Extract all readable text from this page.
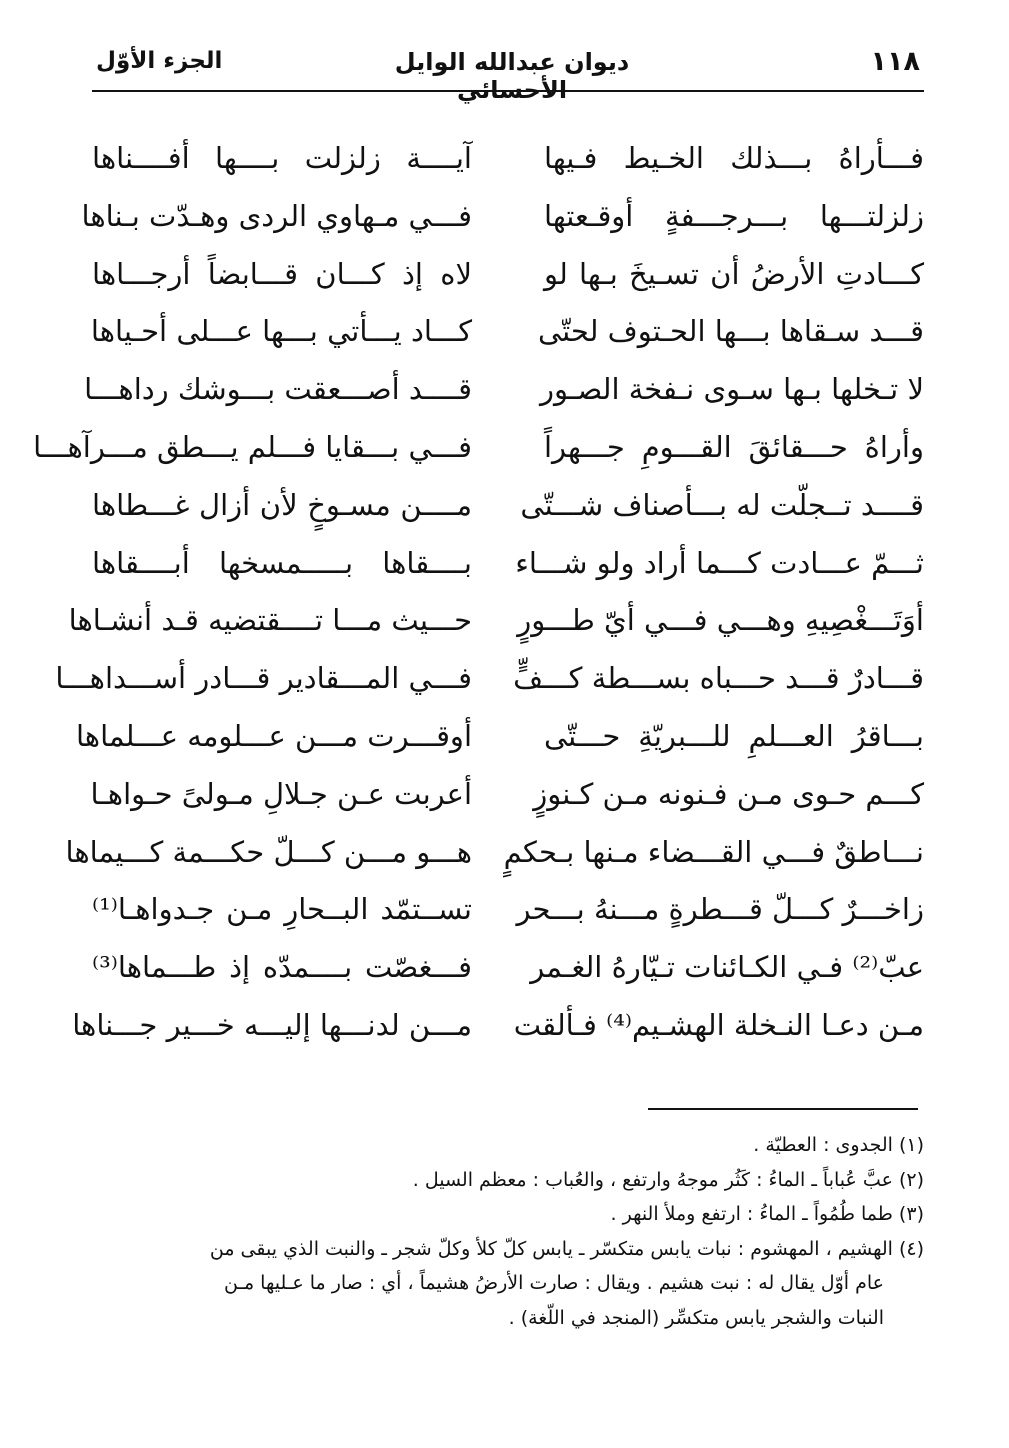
١١٨
ديوان عبدالله الوايل الأحسائي
الجزء الأوّل
فـــأراهُ بـــذلك الخـيط فـيها
آيــــة زلزلت بــــها أفــــناها
زلزلتـــها بـــرجـــفةٍ أوقـعتها
فـــي مـهاوي الردى وهـدّت بـناها
كـــادتِ الأرضُ أن تسـيخَ بـها لو
لاه إذ كـــان قـــابضاً أرجـــاها
قـــد سـقاها بـــها الحـتوف لحتّى
كـــاد يـــأتي بـــها عـــلى أحـياها
لا تـخلها بـها سـوى نـفخة الصـور
قــــد أصـــعقت بـــوشك رداهـــا
وأراهُ حـــقائقَ القـــومِ جـــهراً
فـــي بـــقايا فـــلم يـــطق مـــرآهـــا
قــــد تــجلّت له بـــأصناف شـــتّى
مــــن مسـوخٍ لأن أزال غـــطاها
ثـــمّ عـــادت كـــما أراد ولو شـــاء
بــــقاها بـــــمسخها أبــــقاها
أوَتَـــغْصِيهِ وهـــي فـــي أيّ طـــورٍ
حـــيث مـــا تــــقتضيه قـد أنشـاها
قـــادرٌ قـــد حـــباه بســـطة كـــفٍّ
فـــي المـــقادير قـــادر أســـداهـــا
بـــاقرُ العـــلمِ للـــبريّةِ حـــتّى
أوقـــرت مـــن عـــلومه عـــلماها
كـــم حـوى مـن فـنونه مـن كـنوزٍ
أعربت عـن جـلالِ مـولىً حـواهـا
نـــاطقٌ فـــي القـــضاء مـنها بـحكمٍ
هـــو مـــن كـــلّ حكـــمة كـــيماها
زاخـــرٌ كـــلّ قـــطرةٍ مـــنهُ بـــحر
تســتمّد البــحارِ مـن جـدواهـا⁽¹⁾
عبّ⁽²⁾ فـي الكـائنات تـيّارهُ الغـمر
فـــغصّت بــــمدّه إذ طـــماها⁽³⁾
مـن دعـا النـخلة الهشـيم⁽⁴⁾ فـألقت
مـــن لدنـــها إليـــه خـــير جـــناها

(١) الجدوى : العطيّة .

(٢) عبَّ عُباباً ـ الماءُ : كَثُر موجهُ وارتفع ، والعُباب : معظم السيل .

(٣) طما طُمُواً ـ الماءُ : ارتفع وملأ النهر .

(٤) الهشيم ، المهشوم : نبات يابس متكسّر ـ يابس كلّ كلأ وكلّ شجر ـ والنبت الذي يبقى من

عام أوّل يقال له : نبت هشيم . ويقال : صارت الأرضُ هشيماً ، أي : صار ما عـليها مـن

النبات والشجر يابس متكسِّر (المنجد في اللّغة) .
